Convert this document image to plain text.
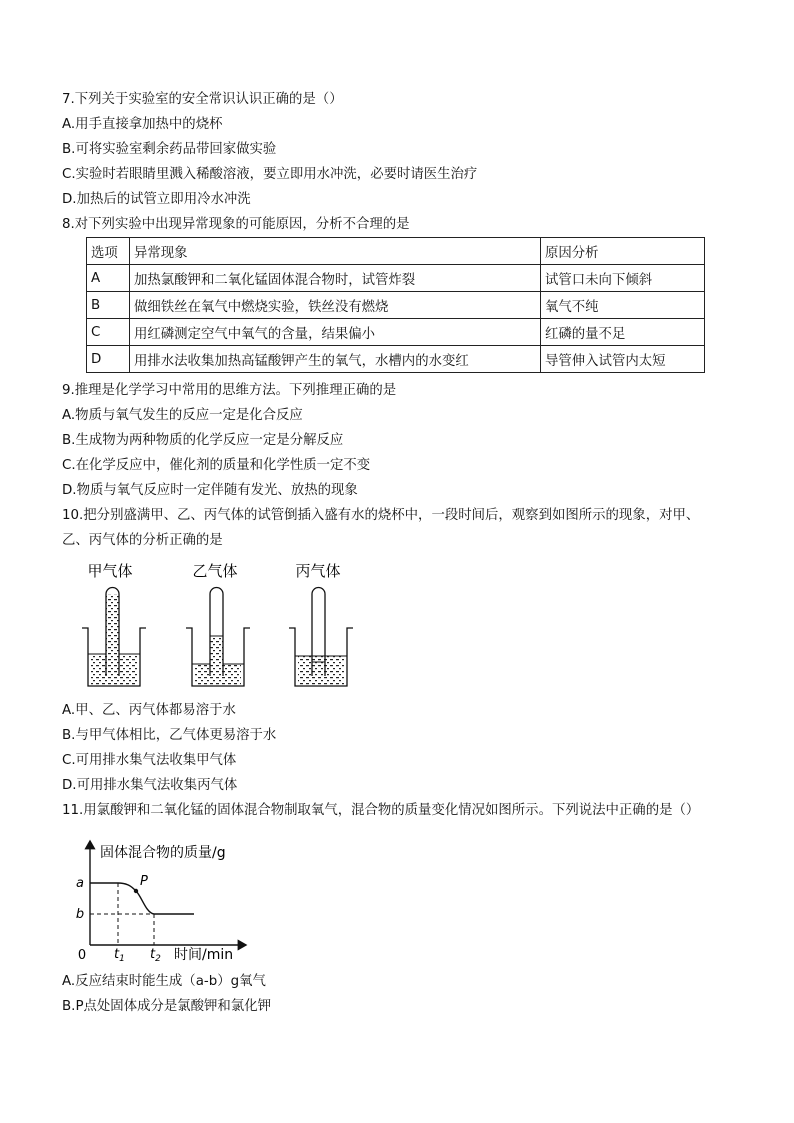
7.下列关于实验室的安全常识认识正确的是（）
A.用手直接拿加热中的烧杯
B.可将实验室剩余药品带回家做实验
C.实验时若眼睛里溅入稀酸溶液，要立即用水冲洗，必要时请医生治疗
D.加热后的试管立即用冷水冲洗
8.对下列实验中出现异常现象的可能原因，分析不合理的是
选项	异常现象	原因分析
A	加热氯酸钾和二氧化锰固体混合物时，试管炸裂	试管口未向下倾斜
B	做细铁丝在氧气中燃烧实验，铁丝没有燃烧	氧气不纯
C	用红磷测定空气中氧气的含量，结果偏小	红磷的量不足
D	用排水法收集加热高锰酸钾产生的氧气，水槽内的水变红	导管伸入试管内太短
9.推理是化学学习中常用的思维方法。下列推理正确的是
A.物质与氧气发生的反应一定是化合反应
B.生成物为两种物质的化学反应一定是分解反应
C.在化学反应中，催化剂的质量和化学性质一定不变
D.物质与氧气反应时一定伴随有发光、放热的现象
10.把分别盛满甲、乙、丙气体的试管倒插入盛有水的烧杯中，一段时间后，观察到如图所示的现象，对甲、
乙、丙气体的分析正确的是
甲气体	乙气体	丙气体
A.甲、乙、丙气体都易溶于水
B.与甲气体相比，乙气体更易溶于水
C.可用排水集气法收集甲气体
D.可用排水集气法收集丙气体
11.用氯酸钾和二氧化锰的固体混合物制取氧气，混合物的质量变化情况如图所示。下列说法中正确的是（）
固体混合物的质量/g
时间/min
0
a
b
P
$t_1$ $t_2$
A.反应结束时能生成（a-b）g氧气
B.P点处固体成分是氯酸钾和氯化钾
